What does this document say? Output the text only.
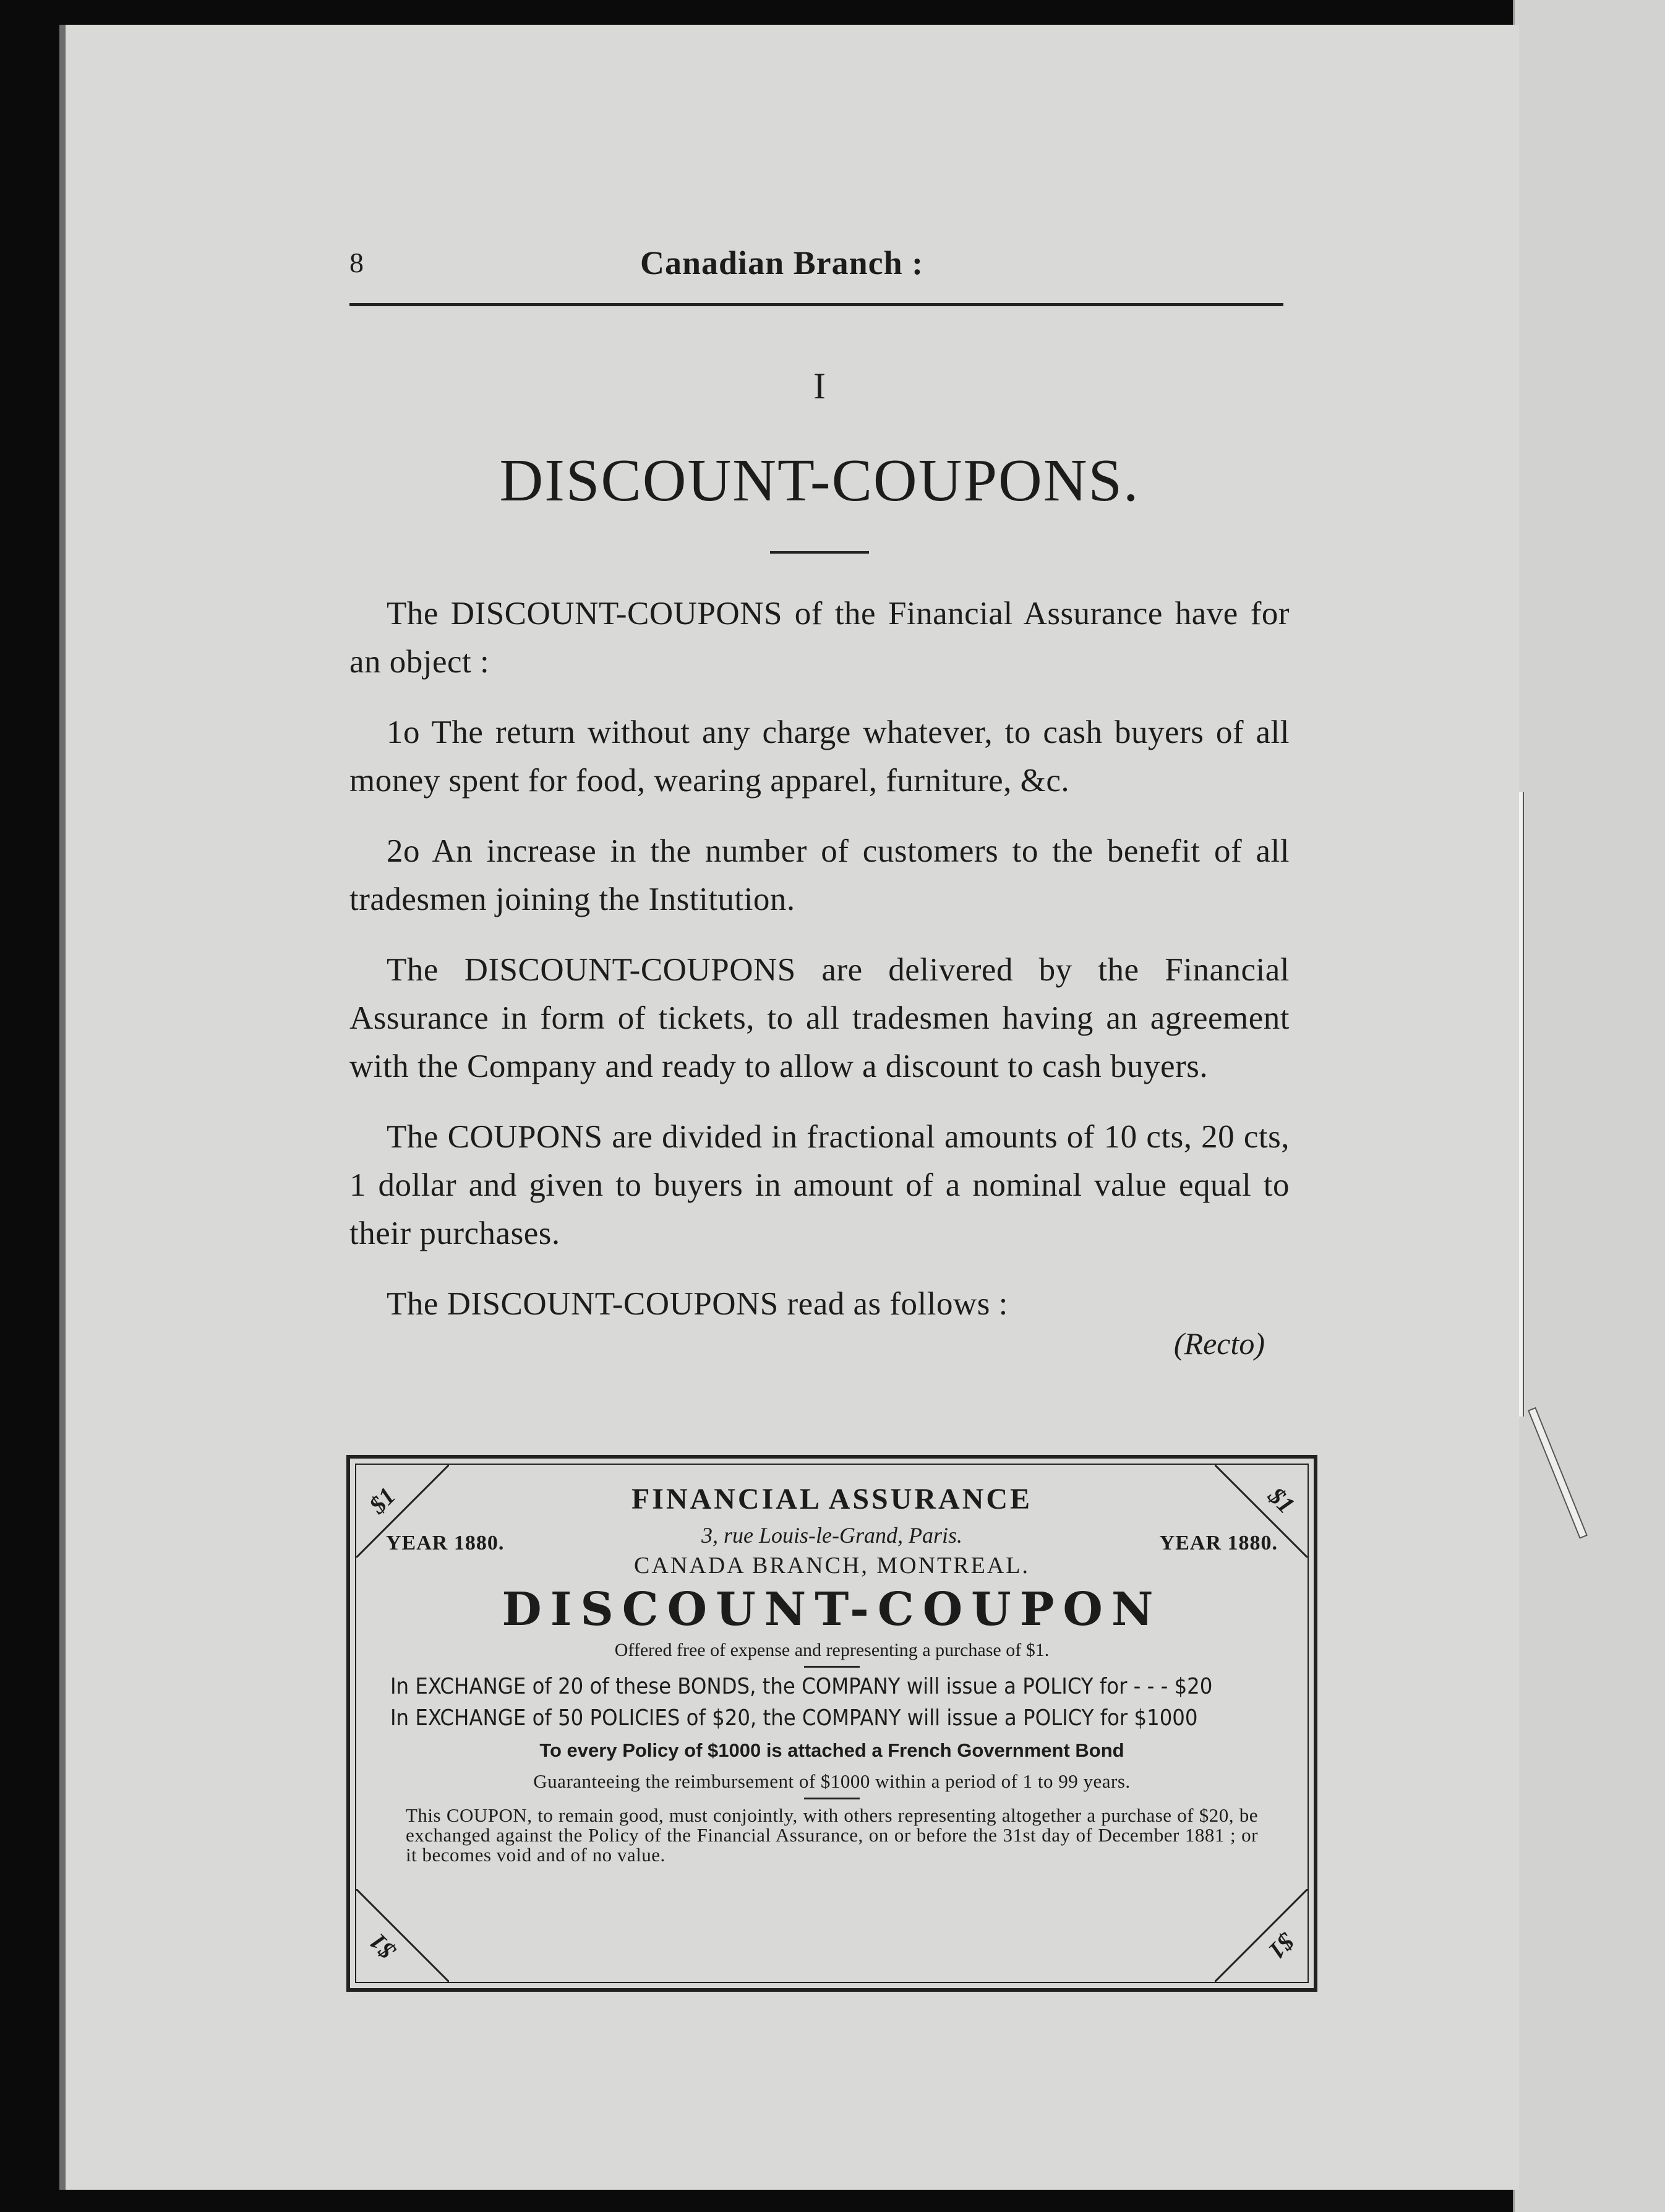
8	Canadian Branch :
I
DISCOUNT-COUPONS.

The DISCOUNT-COUPONS of the Financial Assurance have for an object :

1o The return without any charge whatever, to cash buyers of all money spent for food, wearing apparel, furniture, &c.

2o An increase in the number of customers to the benefit of all tradesmen joining the Institution.

The DISCOUNT-COUPONS are delivered by the Financial Assurance in form of tickets, to all tradesmen having an agreement with the Company and ready to allow a discount to cash buyers.

The COUPONS are divided in fractional amounts of 10 cts, 20 cts, 1 dollar and given to buyers in amount of a nominal value equal to their purchases.

The DISCOUNT-COUPONS read as follows :

(Recto)
$1	$1
$1	$1
YEAR 1880.	YEAR 1880.
FINANCIAL ASSURANCE
3, rue Louis-le-Grand, Paris.
CANADA BRANCH, MONTREAL.
DISCOUNT-COUPON
Offered free of expense and representing a purchase of $1.
In EXCHANGE of 20 of these BONDS, the COMPANY will issue a POLICY for - - - $20
In EXCHANGE of 50 POLICIES of $20, the COMPANY will issue a POLICY for $1000
To every Policy of $1000 is attached a French Government Bond
Guaranteeing the reimbursement of $1000 within a period of 1 to 99 years.
This COUPON, to remain good, must conjointly, with others representing altogether a purchase of $20, be exchanged against the Policy of the Financial Assurance, on or before the 31st day of December 1881 ; or it becomes void and of no value.
